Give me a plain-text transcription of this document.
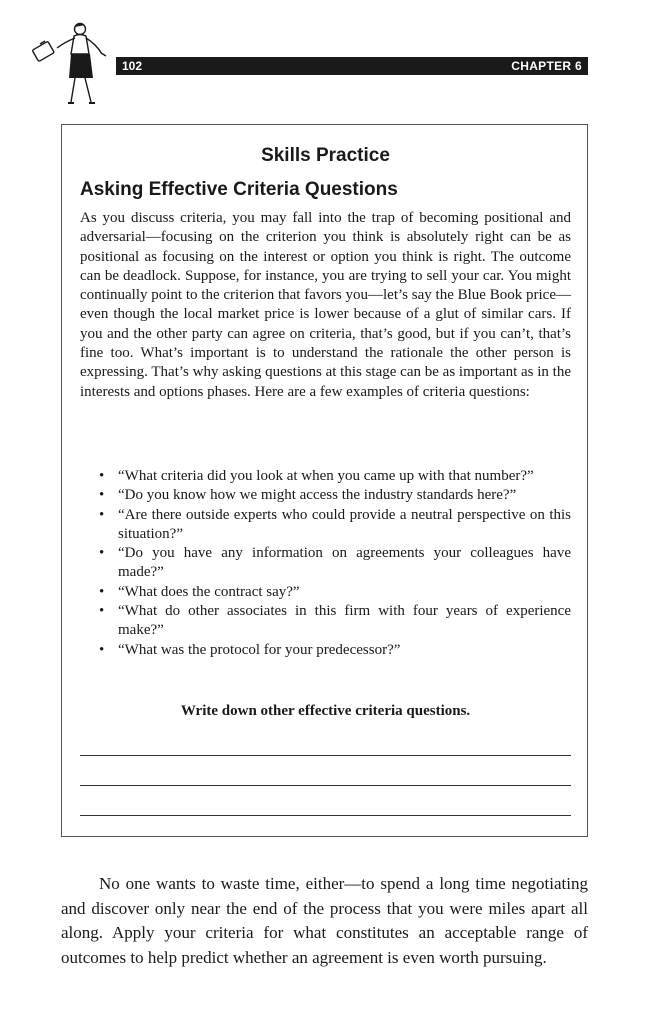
102	CHAPTER 6
Skills Practice
Asking Effective Criteria Questions

As you discuss criteria, you may fall into the trap of becoming positional and adversarial—focusing on the criterion you think is absolutely right can be as positional as focusing on the interest or option you think is right. The outcome can be deadlock. Suppose, for instance, you are trying to sell your car. You might continually point to the criterion that favors you—let’s say the Blue Book price—even though the local market price is lower because of a glut of similar cars. If you and the other party can agree on criteria, that’s good, but if you can’t, that’s fine too. What’s important is to understand the rationale the other person is expressing. That’s why asking questions at this stage can be as important as in the interests and options phases. Here are a few examples of criteria questions:

• “What criteria did you look at when you came up with that number?”
• “Do you know how we might access the industry standards here?”
• “Are there outside experts who could provide a neutral perspective on this situation?”
• “Do you have any information on agreements your colleagues have made?”
• “What does the contract say?”
• “What do other associates in this firm with four years of experience make?”
• “What was the protocol for your predecessor?”
Write down other effective criteria questions.

No one wants to waste time, either—to spend a long time negotiating and discover only near the end of the process that you were miles apart all along. Apply your criteria for what constitutes an acceptable range of outcomes to help predict whether an agreement is even worth pursuing.
